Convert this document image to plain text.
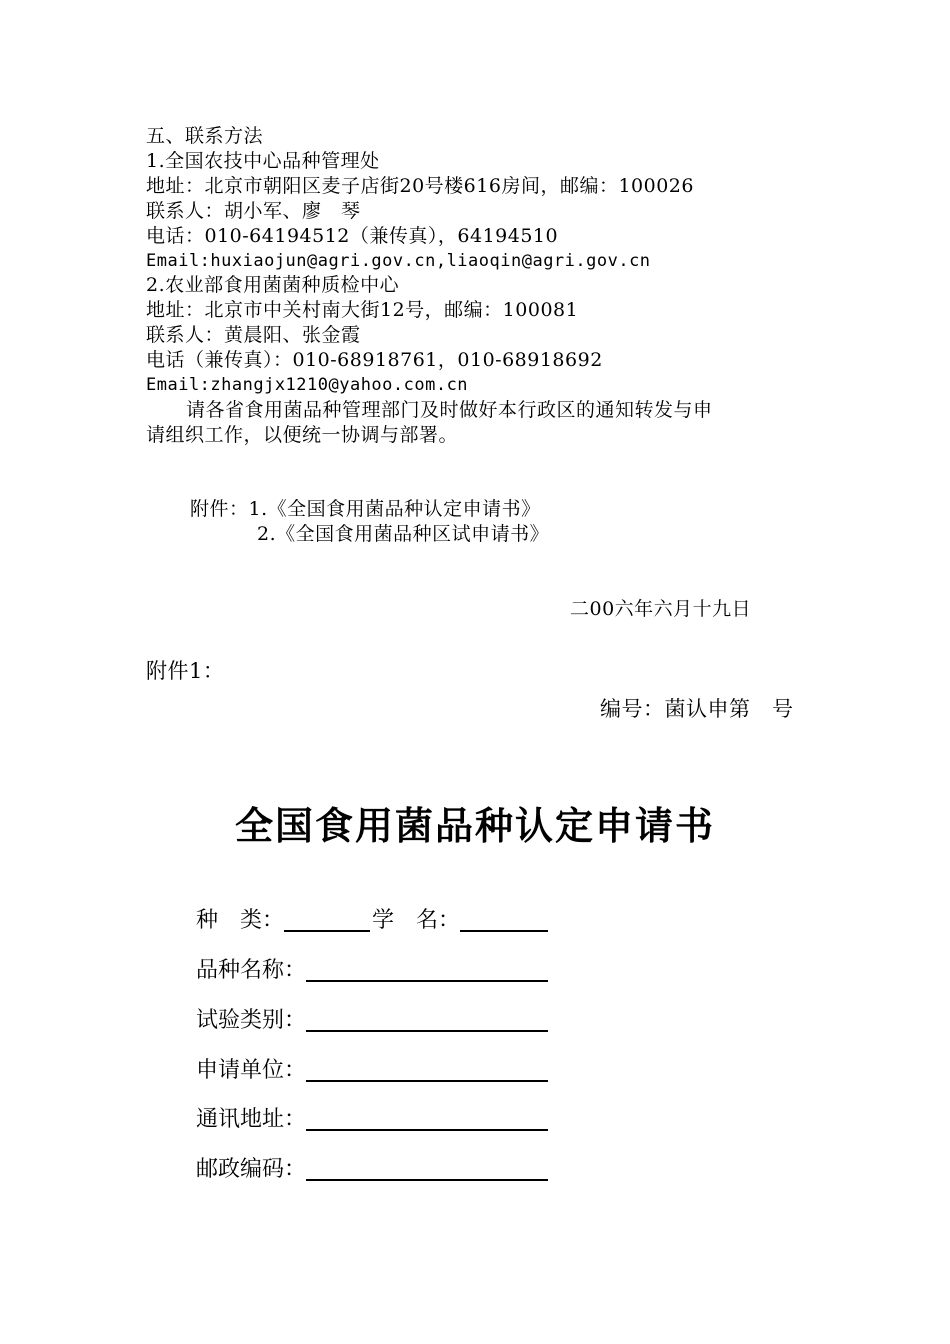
五、联系方法
1.全国农技中心品种管理处
地址：北京市朝阳区麦子店街20号楼616房间，邮编：100026
联系人：胡小军、廖　琴
电话：010-64194512（兼传真），64194510
Email:huxiaojun@agri.gov.cn,liaoqin@agri.gov.cn
2.农业部食用菌菌种质检中心
地址：北京市中关村南大街12号，邮编：100081
联系人：黄晨阳、张金霞
电话（兼传真）：010-68918761，010-68918692
Email:zhangjx1210@yahoo.com.cn
请各省食用菌品种管理部门及时做好本行政区的通知转发与申
请组织工作，以便统一协调与部署。
附件：1.《全国食用菌品种认定申请书》
2.《全国食用菌品种区试申请书》
二00六年六月十九日
附件1：
编号：菌认申第　号
全国食用菌品种认定申请书
种　类：	学　名：
品种名称：
试验类别：
申请单位：
通讯地址：
邮政编码：
